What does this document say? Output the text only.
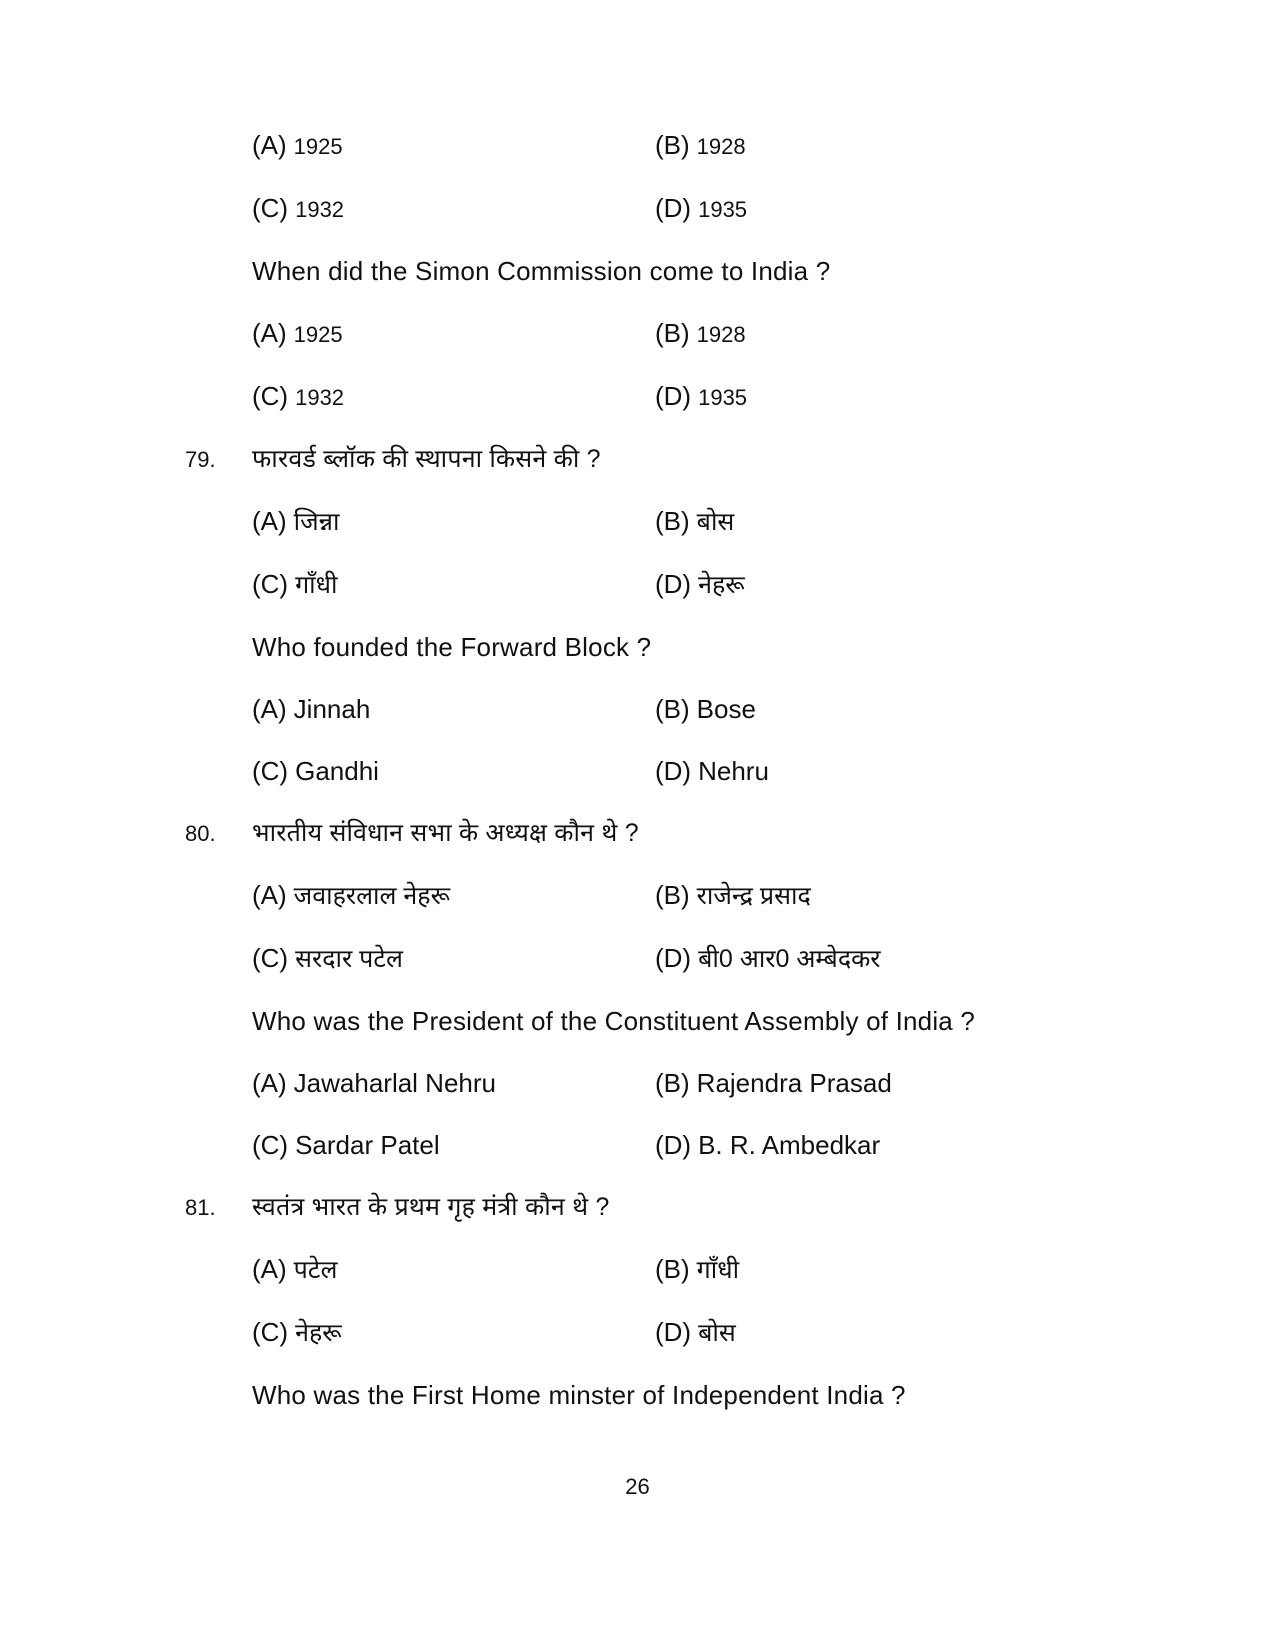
(A) 1925	(B) 1928
(C) 1932	(D) 1935
When did the Simon Commission come to India ?
(A) 1925	(B) 1928
(C) 1932	(D) 1935
79.	फारवर्ड ब्लॉक की स्थापना किसने की ?
(A) जिन्ना	(B) बोस
(C) गाँधी	(D) नेहरू
Who founded the Forward Block ?
(A) Jinnah	(B) Bose
(C) Gandhi	(D) Nehru
80.	भारतीय संविधान सभा के अध्यक्ष कौन थे ?
(A) जवाहरलाल नेहरू	(B) राजेन्द्र प्रसाद
(C) सरदार पटेल	(D) बी0 आर0 अम्बेदकर
Who was the President of the Constituent Assembly of India ?
(A) Jawaharlal Nehru	(B) Rajendra Prasad
(C) Sardar Patel	(D) B. R. Ambedkar
81.	स्वतंत्र भारत के प्रथम गृह मंत्री कौन थे ?
(A) पटेल	(B) गाँधी
(C) नेहरू	(D) बोस
Who was the First Home minster of Independent India ?
26
